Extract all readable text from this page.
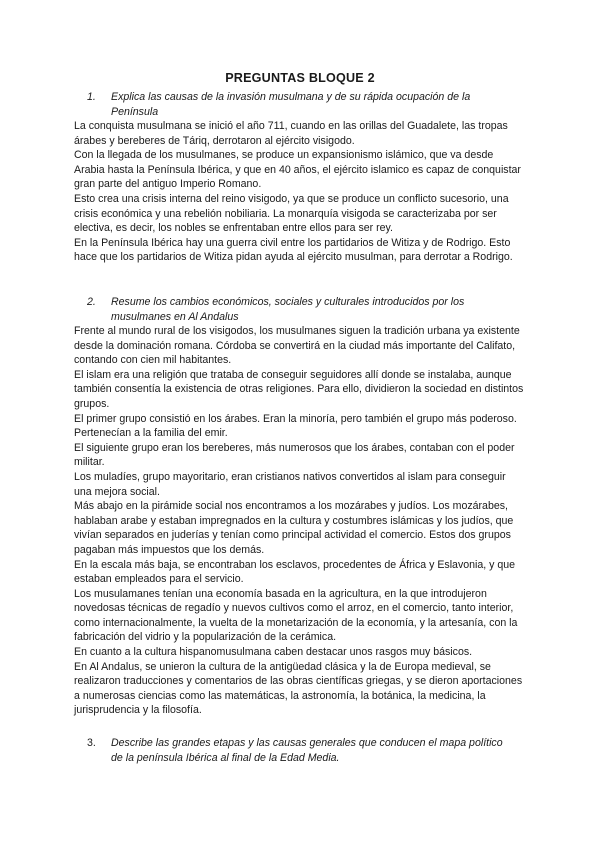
PREGUNTAS BLOQUE 2
1.	Explica las causas de la invasión musulmana y de su rápida ocupación de la Península

La conquista musulmana se inició el año 711, cuando en las orillas del Guadalete, las tropas árabes y bereberes de Táriq, derrotaron al ejército visigodo.

Con la llegada de los musulmanes, se produce un expansionismo islámico, que va desde Arabia hasta la Península Ibérica, y que en 40 años, el ejército islamico es capaz de conquistar gran parte del antiguo Imperio Romano.

Esto crea una crisis interna del reino visigodo, ya que se produce un conflicto sucesorio, una crisis económica y una rebelión nobiliaria. La monarquía visigoda se caracterizaba por ser electiva, es decir, los nobles se enfrentaban entre ellos para ser rey.

En la Península Ibérica hay una guerra civil entre los partidarios de Witiza y de Rodrigo. Esto hace que los partidarios de Witiza pidan ayuda al ejército musulman, para derrotar a Rodrigo.

2.	Resume los cambios económicos, sociales y culturales introducidos por los musulmanes en Al Andalus

Frente al mundo rural de los visigodos, los musulmanes siguen la tradición urbana ya existente desde la dominación romana. Córdoba se convertirá en la ciudad más importante del Califato, contando con cien mil habitantes.

El islam era una religión que trataba de conseguir seguidores allí donde se instalaba, aunque también consentía la existencia de otras religiones. Para ello, dividieron la sociedad en distintos grupos.

El primer grupo consistió en los árabes. Eran la minoría, pero también el grupo más poderoso. Pertenecían a la familia del emir.

El siguiente grupo eran los bereberes, más numerosos que los árabes, contaban con el poder militar.

Los muladíes, grupo mayoritario, eran cristianos nativos convertidos al islam para conseguir una mejora social.

Más abajo en la pirámide social nos encontramos a los mozárabes y judíos. Los mozárabes, hablaban arabe y estaban impregnados en la cultura y costumbres islámicas y los judíos, que vivían separados en juderías y tenían como principal actividad el comercio. Estos dos grupos pagaban más impuestos que los demás.

En la escala más baja, se encontraban los esclavos, procedentes de África y Eslavonia, y que estaban empleados para el servicio.

Los musulamanes tenían una economía basada en la agricultura, en la que introdujeron novedosas técnicas de regadío y nuevos cultivos como el arroz, en el comercio, tanto interior, como internacionalmente, la vuelta de la monetarización de la economía, y la artesanía, con la fabricación del vidrio y la popularización de la cerámica.

En cuanto a la cultura hispanomusulmana caben destacar unos rasgos muy básicos.

En Al Andalus, se unieron la cultura de la antigüedad clásica y la de Europa medieval, se realizaron traducciones y comentarios de las obras científicas griegas, y se dieron aportaciones a numerosas ciencias como las matemáticas, la astronomía, la botánica, la medicina, la jurisprudencia y la filosofía.

3.	Describe las grandes etapas y las causas generales que conducen el mapa político de la península Ibérica al final de la Edad Media.
